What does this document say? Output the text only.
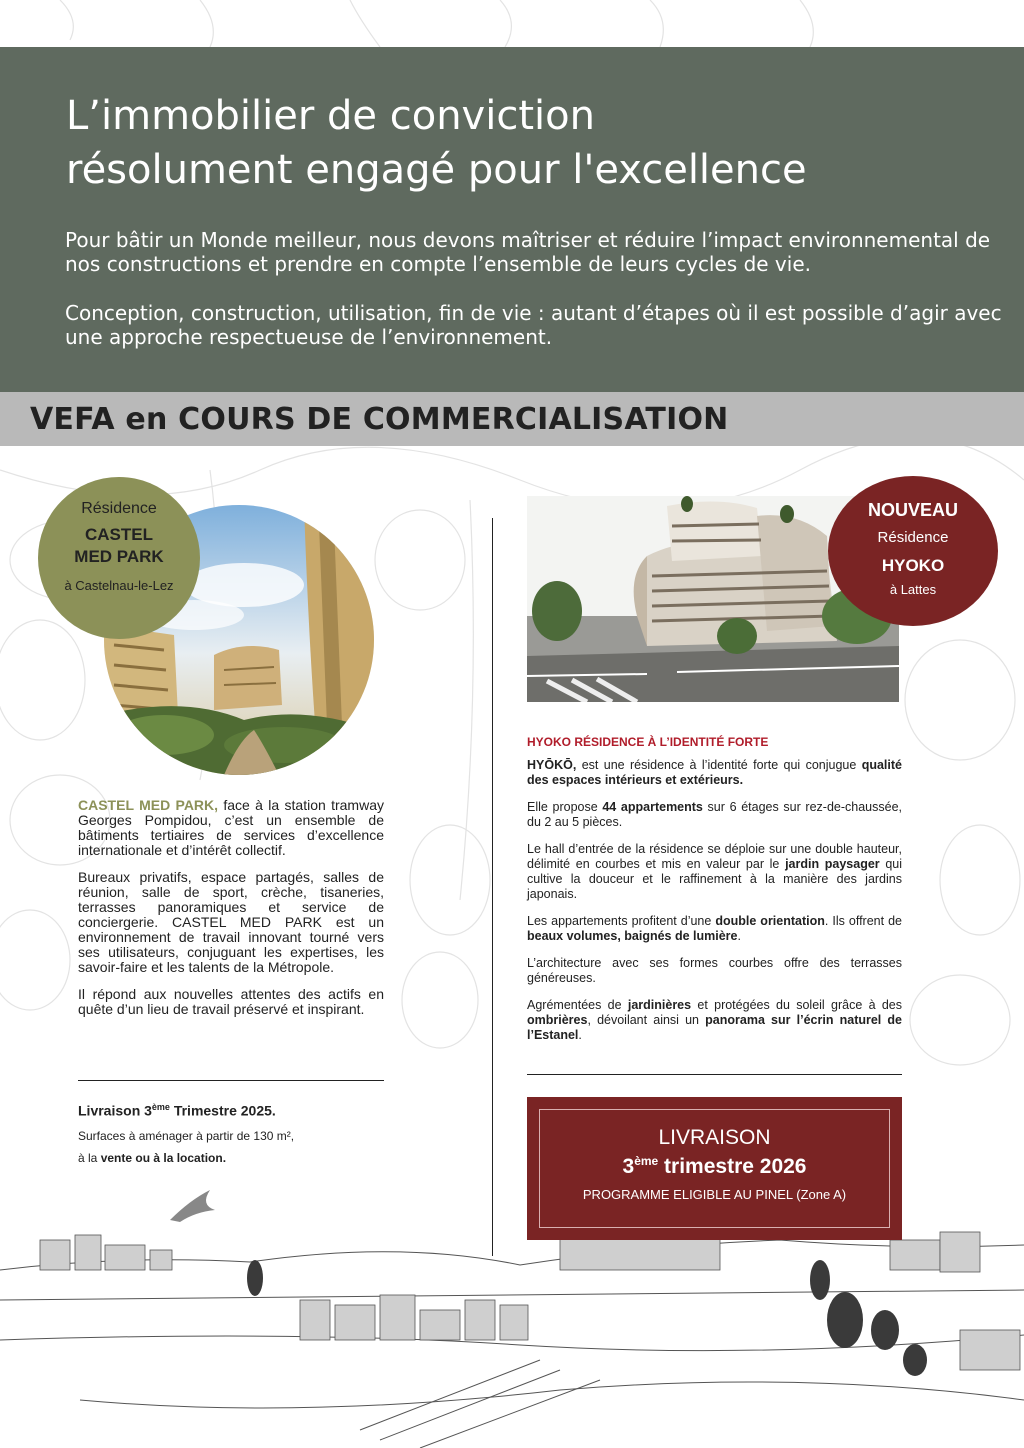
L’immobilier de conviction
résolument engagé pour l'excellence

Pour bâtir un Monde meilleur, nous devons maîtriser et réduire l’impact environnemental de nos constructions et prendre en compte l’ensemble de leurs cycles de vie.

Conception, construction, utilisation, fin de vie : autant d’étapes où il est possible d’agir avec une approche respectueuse de l’environnement.

VEFA en COURS DE COMMERCIALISATION
Résidence
CASTEL
MED PARK
à Castelnau-le-Lez

CASTEL MED PARK, face à la station tramway Georges Pompidou, c’est un ensemble de bâtiments tertiaires de services d’excellence internationale et d’intérêt collectif.

Bureaux privatifs, espace partagés, salles de réunion, salle de sport, crèche, tisaneries, terrasses panoramiques et service de conciergerie. CASTEL MED PARK est un environnement de travail innovant tourné vers ses utilisateurs, conjuguant les expertises, les savoir-faire et les talents de la Métropole.

Il répond aux nouvelles attentes des actifs en quête d’un lieu de travail préservé et inspirant.

Livraison 3ème Trimestre 2025.
Surfaces à aménager à partir de 130 m²,
à la vente ou à la location.
NOUVEAU
Résidence
HYOKO
à Lattes

HYOKO RÉSIDENCE À L’IDENTITÉ FORTE

HYŌKŌ, est une résidence à l’identité forte qui conjugue qualité des espaces intérieurs et extérieurs.

Elle propose 44 appartements sur 6 étages sur rez-de-chaussée, du 2 au 5 pièces.

Le hall d’entrée de la résidence se déploie sur une double hauteur, délimité en courbes et mis en valeur par le jardin paysager qui cultive la douceur et le raffinement à la manière des jardins japonais.

Les appartements profitent d’une double orientation. Ils offrent de beaux volumes, baignés de lumière.

L’architecture avec ses formes courbes offre des terrasses généreuses.

Agrémentées de jardinières et protégées du soleil grâce à des ombrières, dévoilant ainsi un panorama sur l’écrin naturel de l’Estanel.

LIVRAISON
3ème trimestre 2026
PROGRAMME ELIGIBLE AU PINEL (Zone A)
